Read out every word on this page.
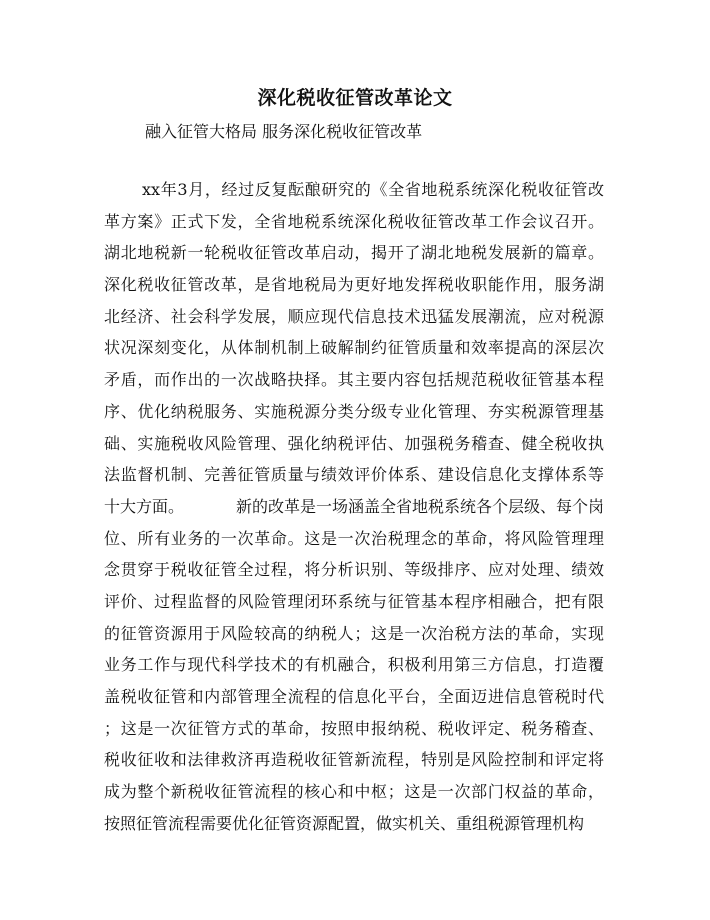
深化税收征管改革论文
融入征管大格局 服务深化税收征管改革
xx年3月，经过反复酝酿研究的《全省地税系统深化税收征管改
革方案》正式下发，全省地税系统深化税收征管改革工作会议召开。
湖北地税新一轮税收征管改革启动，揭开了湖北地税发展新的篇章。
深化税收征管改革，是省地税局为更好地发挥税收职能作用，服务湖
北经济、社会科学发展，顺应现代信息技术迅猛发展潮流，应对税源
状况深刻变化，从体制机制上破解制约征管质量和效率提高的深层次
矛盾，而作出的一次战略抉择。其主要内容包括规范税收征管基本程
序、优化纳税服务、实施税源分类分级专业化管理、夯实税源管理基
础、实施税收风险管理、强化纳税评估、加强税务稽查、健全税收执
法监督机制、完善征管质量与绩效评价体系、建设信息化支撑体系等
十大方面。	新的改革是一场涵盖全省地税系统各个层级、每个岗
位、所有业务的一次革命。这是一次治税理念的革命，将风险管理理
念贯穿于税收征管全过程，将分析识别、等级排序、应对处理、绩效
评价、过程监督的风险管理闭环系统与征管基本程序相融合，把有限
的征管资源用于风险较高的纳税人；这是一次治税方法的革命，实现
业务工作与现代科学技术的有机融合，积极利用第三方信息，打造覆
盖税收征管和内部管理全流程的信息化平台，全面迈进信息管税时代
；这是一次征管方式的革命，按照申报纳税、税收评定、税务稽查、
税收征收和法律救济再造税收征管新流程，特别是风险控制和评定将
成为整个新税收征管流程的核心和中枢；这是一次部门权益的革命，
按照征管流程需要优化征管资源配置，做实机关、重组税源管理机构
